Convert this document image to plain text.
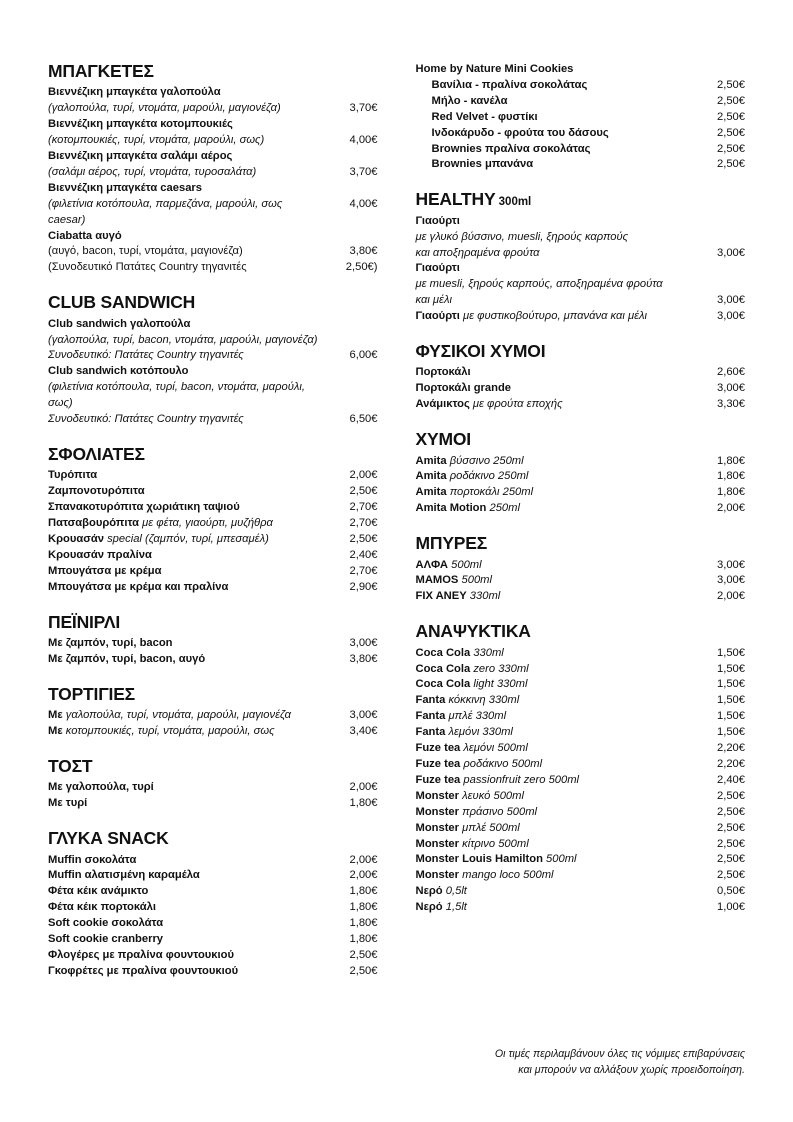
ΜΠΑΓΚΕΤΕΣ
Βιεννέζικη μπαγκέτα γαλοπούλα
(γαλοπούλα, τυρί, ντομάτα, μαρούλι, μαγιονέζα)	3,70€
Βιεννέζικη μπαγκέτα κοτομπουκιές
(κοτομπουκιές, τυρί, ντομάτα, μαρούλι, σως)	4,00€
Βιεννέζικη μπαγκέτα σαλάμι αέρος
(σαλάμι αέρος, τυρί, ντομάτα, τυροσαλάτα)	3,70€
Βιεννέζικη μπαγκέτα caesars
(φιλετίνια κοτόπουλα, παρμεζάνα, μαρούλι, σως caesar)
4,00€
Ciabatta αυγό
(αυγό, bacon, τυρί, ντομάτα, μαγιονέζα)	3,80€
(Συνοδευτικό Πατάτες Country τηγανιτές	2,50€)
CLUB SANDWICH
Club sandwich γαλοπούλα
(γαλοπούλα, τυρί, bacon, ντομάτα, μαρούλι, μαγιονέζα)
Συνοδευτικό: Πατάτες Country τηγανιτές	6,00€
Club sandwich κοτόπουλο
(φιλετίνια κοτόπουλα, τυρί, bacon, ντομάτα, μαρούλι, σως)
Συνοδευτικό: Πατάτες Country τηγανιτές	6,50€
ΣΦΟΛΙΑΤΕΣ
Τυρόπιτα	2,00€
Ζαμπονοτυρόπιτα	2,50€
Σπανακοτυρόπιτα χωριάτικη ταψιού	2,70€
Πατσαβουρόπιτα με φέτα, γιαούρτι, μυζήθρα	2,70€
Κρουασάν special (ζαμπόν, τυρί, μπεσαμέλ)	2,50€
Κρουασάν πραλίνα	2,40€
Μπουγάτσα με κρέμα	2,70€
Μπουγάτσα με κρέμα και πραλίνα	2,90€
ΠΕΪΝΙΡΛΙ
Με ζαμπόν, τυρί, bacon	3,00€
Με ζαμπόν, τυρί, bacon, αυγό	3,80€
ΤΟΡΤΙΓΙΕΣ
Με γαλοπούλα, τυρί, ντομάτα, μαρούλι, μαγιονέζα	3,00€
Με κοτομπουκιές, τυρί, ντομάτα, μαρούλι, σως	3,40€
ΤΟΣΤ
Με γαλοπούλα, τυρί	2,00€
Με τυρί	1,80€
ΓΛΥΚΑ SNACK
Muffin σοκολάτα	2,00€
Muffin αλατισμένη καραμέλα	2,00€
Φέτα κέικ ανάμικτο	1,80€
Φέτα κέικ πορτοκάλι	1,80€
Soft cookie σοκολάτα	1,80€
Soft cookie cranberry	1,80€
Φλογέρες με πραλίνα φουντουκιού	2,50€
Γκοφρέτες με πραλίνα φουντουκιού	2,50€
Home by Nature Mini Cookies
Βανίλια - πραλίνα σοκολάτας	2,50€
Μήλο - κανέλα	2,50€
Red Velvet - φυστίκι	2,50€
Ινδοκάρυδο - φρούτα του δάσους	2,50€
Brownies πραλίνα σοκολάτας	2,50€
Brownies μπανάνα	2,50€
HEALTHY 300ml
Γιαούρτι
με γλυκό βύσσινο, muesli, ξηρούς καρπούς
και αποξηραμένα φρούτα	3,00€
Γιαούρτι
με muesli, ξηρούς καρπούς, αποξηραμένα φρούτα
και μέλι	3,00€
Γιαούρτι με φυστικοβούτυρο, μπανάνα και μέλι	3,00€
ΦΥΣΙΚΟΙ ΧΥΜΟΙ
Πορτοκάλι	2,60€
Πορτοκάλι grande	3,00€
Ανάμικτος με φρούτα εποχής	3,30€
ΧΥΜΟΙ
Amita βύσσινο 250ml	1,80€
Amita ροδάκινο 250ml	1,80€
Amita πορτοκάλι 250ml	1,80€
Amita Motion 250ml	2,00€
ΜΠΥΡΕΣ
ΑΛΦΑ 500ml	3,00€
MAMOS 500ml	3,00€
FIX ANEY 330ml	2,00€
ΑΝΑΨΥΚΤΙΚΑ
Coca Cola 330ml	1,50€
Coca Cola zero 330ml	1,50€
Coca Cola light 330ml	1,50€
Fanta κόκκινη 330ml	1,50€
Fanta μπλέ 330ml	1,50€
Fanta λεμόνι 330ml	1,50€
Fuze tea λεμόνι 500ml	2,20€
Fuze tea ροδάκινο 500ml	2,20€
Fuze tea passionfruit zero 500ml	2,40€
Monster λευκό 500ml	2,50€
Monster πράσινο 500ml	2,50€
Monster μπλέ 500ml	2,50€
Monster κίτρινο 500ml	2,50€
Monster Louis Hamilton 500ml	2,50€
Monster mango loco 500ml	2,50€
Νερό 0,5lt	0,50€
Νερό 1,5lt	1,00€
Οι τιμές περιλαμβάνουν όλες τις νόμιμες επιβαρύνσεις
και μπορούν να αλλάξουν χωρίς προειδοποίηση.
